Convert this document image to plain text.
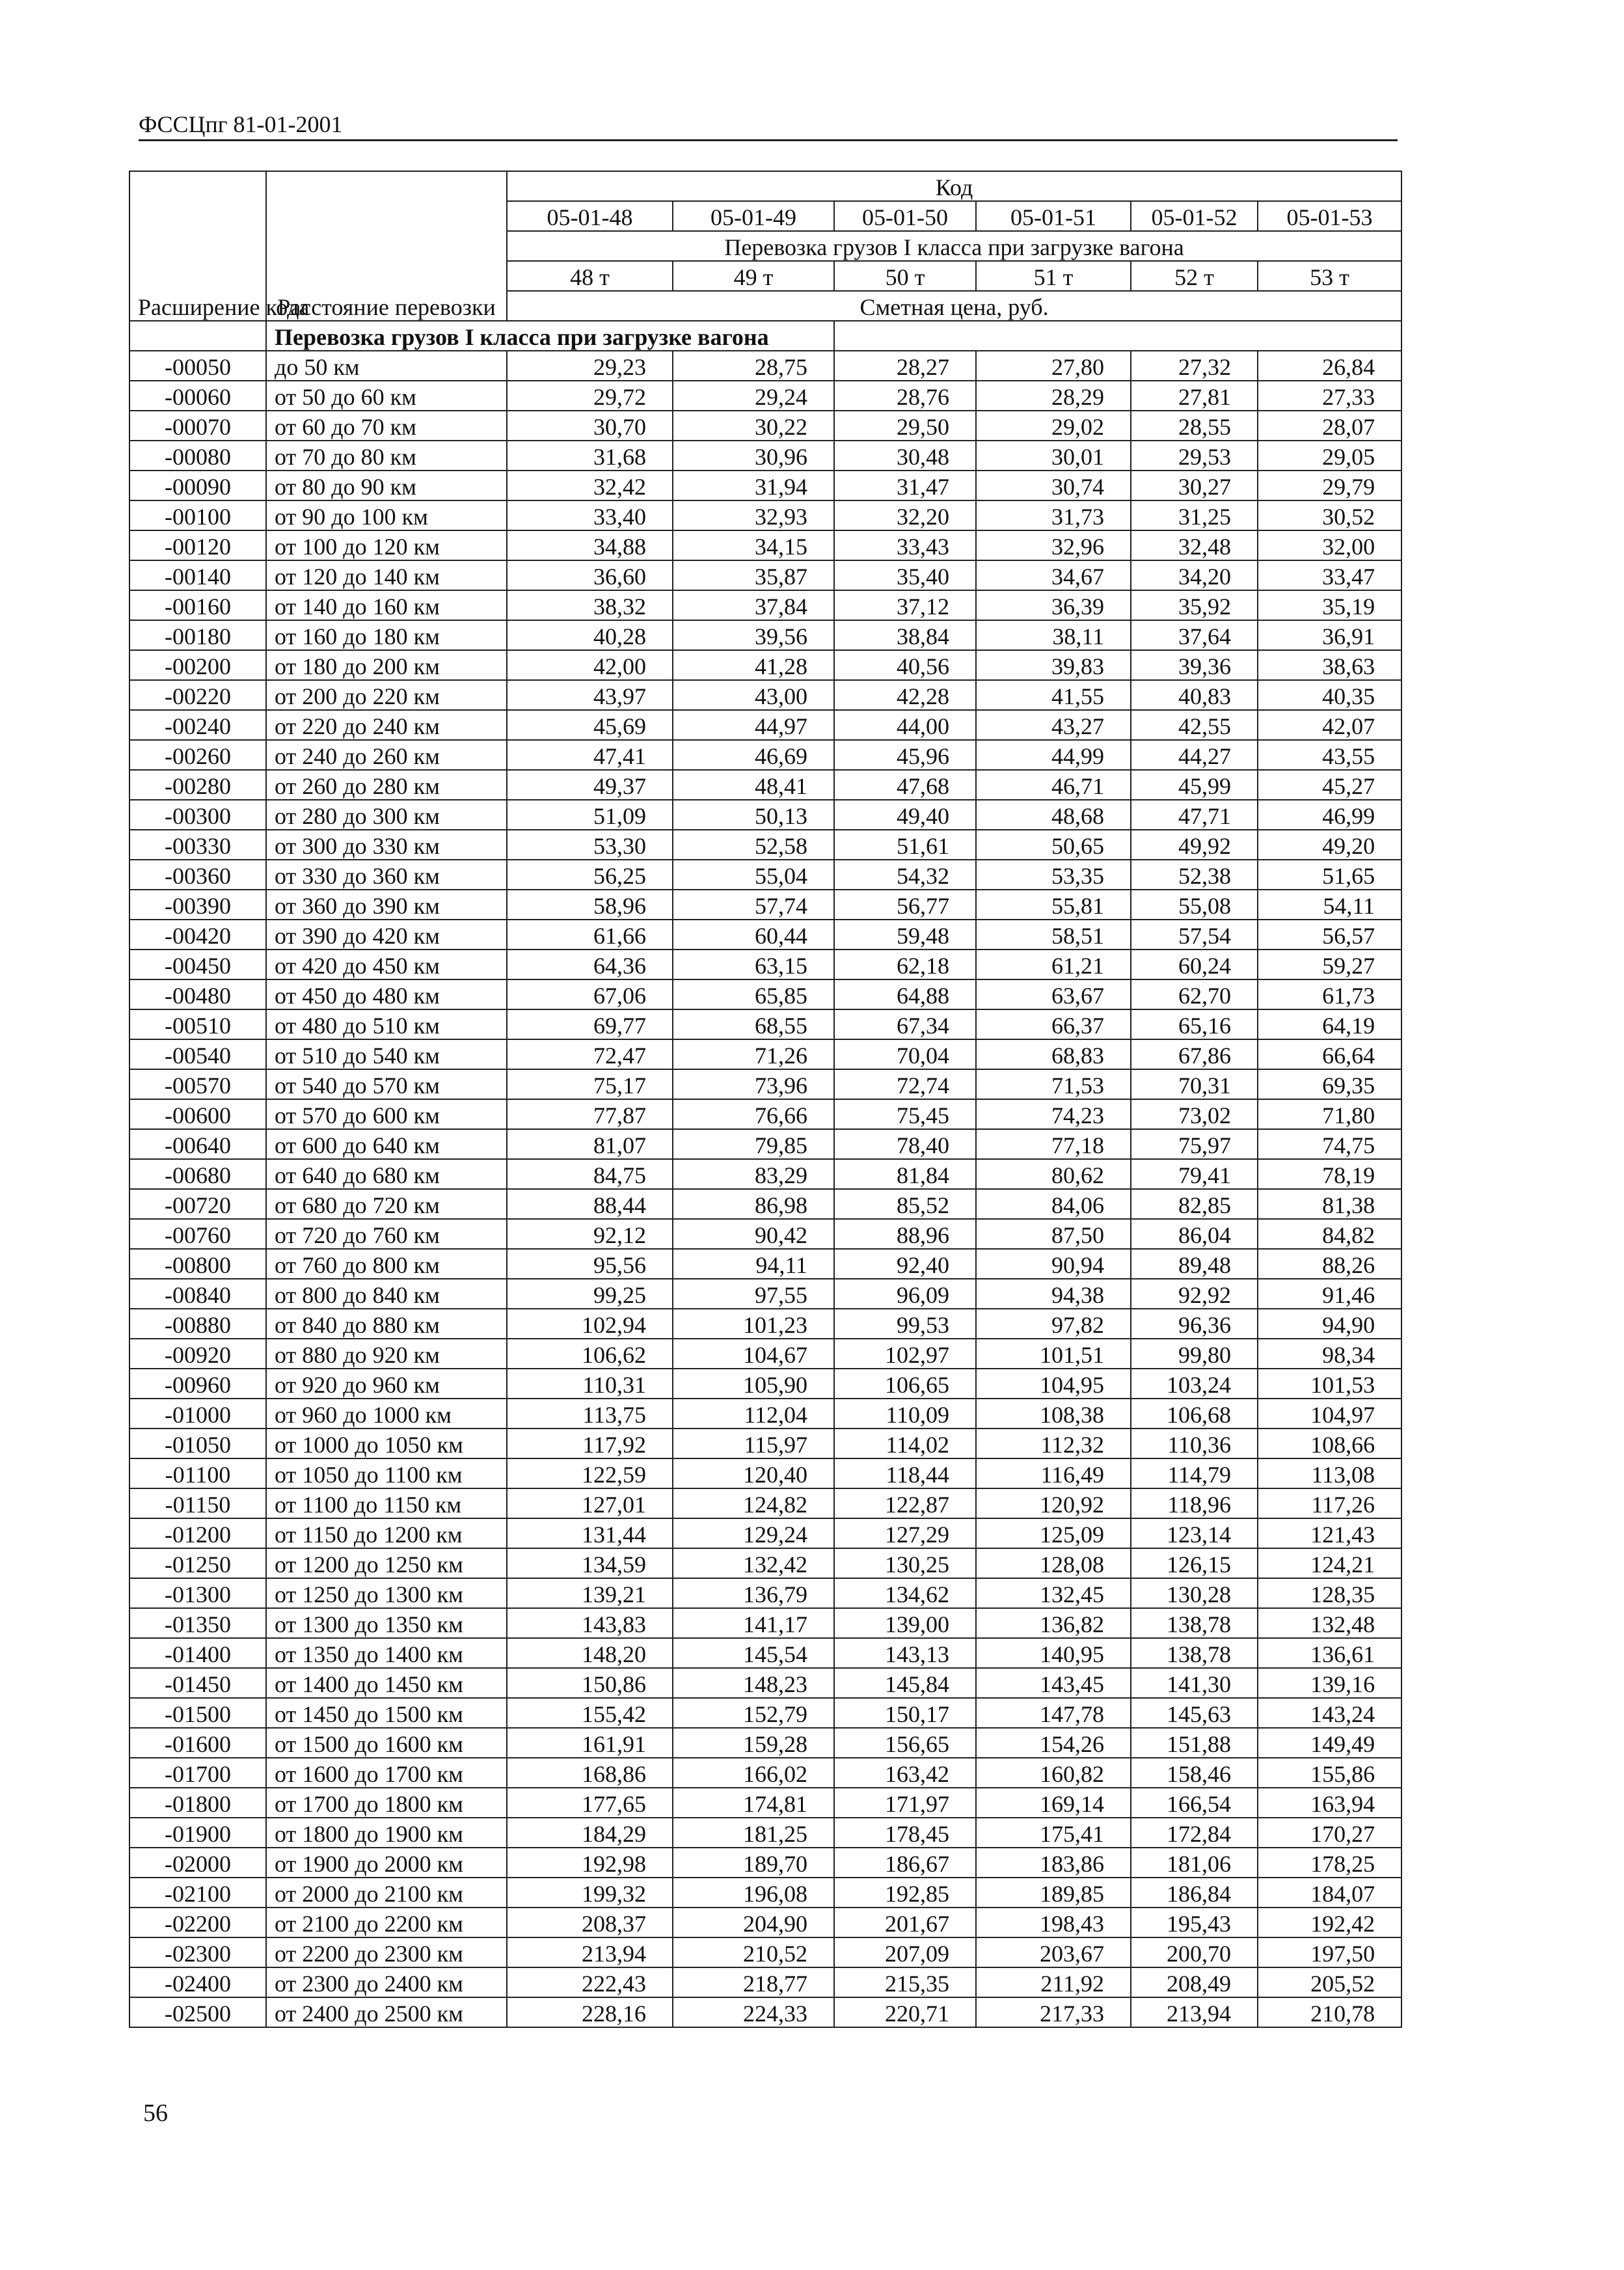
ФССЦпг 81-01-2001
Расширение кода	Расстояние перевозки	Код					
		05-01-48	05-01-49	05-01-50	05-01-51	05-01-52	05-01-53
		Перевозка грузов I класса при загрузке вагона					
		48 т	49 т	50 т	51 т	52 т	53 т
		Сметная цена, руб.					
	Перевозка грузов I класса при загрузке вагона						
-00050	до 50 км	29,23	28,75	28,27	27,80	27,32	26,84
-00060	от 50 до 60 км	29,72	29,24	28,76	28,29	27,81	27,33
-00070	от 60 до 70 км	30,70	30,22	29,50	29,02	28,55	28,07
-00080	от 70 до 80 км	31,68	30,96	30,48	30,01	29,53	29,05
-00090	от 80 до 90 км	32,42	31,94	31,47	30,74	30,27	29,79
-00100	от 90 до 100 км	33,40	32,93	32,20	31,73	31,25	30,52
-00120	от 100 до 120 км	34,88	34,15	33,43	32,96	32,48	32,00
-00140	от 120 до 140 км	36,60	35,87	35,40	34,67	34,20	33,47
-00160	от 140 до 160 км	38,32	37,84	37,12	36,39	35,92	35,19
-00180	от 160 до 180 км	40,28	39,56	38,84	38,11	37,64	36,91
-00200	от 180 до 200 км	42,00	41,28	40,56	39,83	39,36	38,63
-00220	от 200 до 220 км	43,97	43,00	42,28	41,55	40,83	40,35
-00240	от 220 до 240 км	45,69	44,97	44,00	43,27	42,55	42,07
-00260	от 240 до 260 км	47,41	46,69	45,96	44,99	44,27	43,55
-00280	от 260 до 280 км	49,37	48,41	47,68	46,71	45,99	45,27
-00300	от 280 до 300 км	51,09	50,13	49,40	48,68	47,71	46,99
-00330	от 300 до 330 км	53,30	52,58	51,61	50,65	49,92	49,20
-00360	от 330 до 360 км	56,25	55,04	54,32	53,35	52,38	51,65
-00390	от 360 до 390 км	58,96	57,74	56,77	55,81	55,08	54,11
-00420	от 390 до 420 км	61,66	60,44	59,48	58,51	57,54	56,57
-00450	от 420 до 450 км	64,36	63,15	62,18	61,21	60,24	59,27
-00480	от 450 до 480 км	67,06	65,85	64,88	63,67	62,70	61,73
-00510	от 480 до 510 км	69,77	68,55	67,34	66,37	65,16	64,19
-00540	от 510 до 540 км	72,47	71,26	70,04	68,83	67,86	66,64
-00570	от 540 до 570 км	75,17	73,96	72,74	71,53	70,31	69,35
-00600	от 570 до 600 км	77,87	76,66	75,45	74,23	73,02	71,80
-00640	от 600 до 640 км	81,07	79,85	78,40	77,18	75,97	74,75
-00680	от 640 до 680 км	84,75	83,29	81,84	80,62	79,41	78,19
-00720	от 680 до 720 км	88,44	86,98	85,52	84,06	82,85	81,38
-00760	от 720 до 760 км	92,12	90,42	88,96	87,50	86,04	84,82
-00800	от 760 до 800 км	95,56	94,11	92,40	90,94	89,48	88,26
-00840	от 800 до 840 км	99,25	97,55	96,09	94,38	92,92	91,46
-00880	от 840 до 880 км	102,94	101,23	99,53	97,82	96,36	94,90
-00920	от 880 до 920 км	106,62	104,67	102,97	101,51	99,80	98,34
-00960	от 920 до 960 км	110,31	105,90	106,65	104,95	103,24	101,53
-01000	от 960 до 1000 км	113,75	112,04	110,09	108,38	106,68	104,97
-01050	от 1000 до 1050 км	117,92	115,97	114,02	112,32	110,36	108,66
-01100	от 1050 до 1100 км	122,59	120,40	118,44	116,49	114,79	113,08
-01150	от 1100 до 1150 км	127,01	124,82	122,87	120,92	118,96	117,26
-01200	от 1150 до 1200 км	131,44	129,24	127,29	125,09	123,14	121,43
-01250	от 1200 до 1250 км	134,59	132,42	130,25	128,08	126,15	124,21
-01300	от 1250 до 1300 км	139,21	136,79	134,62	132,45	130,28	128,35
-01350	от 1300 до 1350 км	143,83	141,17	139,00	136,82	138,78	132,48
-01400	от 1350 до 1400 км	148,20	145,54	143,13	140,95	138,78	136,61
-01450	от 1400 до 1450 км	150,86	148,23	145,84	143,45	141,30	139,16
-01500	от 1450 до 1500 км	155,42	152,79	150,17	147,78	145,63	143,24
-01600	от 1500 до 1600 км	161,91	159,28	156,65	154,26	151,88	149,49
-01700	от 1600 до 1700 км	168,86	166,02	163,42	160,82	158,46	155,86
-01800	от 1700 до 1800 км	177,65	174,81	171,97	169,14	166,54	163,94
-01900	от 1800 до 1900 км	184,29	181,25	178,45	175,41	172,84	170,27
-02000	от 1900 до 2000 км	192,98	189,70	186,67	183,86	181,06	178,25
-02100	от 2000 до 2100 км	199,32	196,08	192,85	189,85	186,84	184,07
-02200	от 2100 до 2200 км	208,37	204,90	201,67	198,43	195,43	192,42
-02300	от 2200 до 2300 км	213,94	210,52	207,09	203,67	200,70	197,50
-02400	от 2300 до 2400 км	222,43	218,77	215,35	211,92	208,49	205,52
-02500	от 2400 до 2500 км	228,16	224,33	220,71	217,33	213,94	210,78
56
